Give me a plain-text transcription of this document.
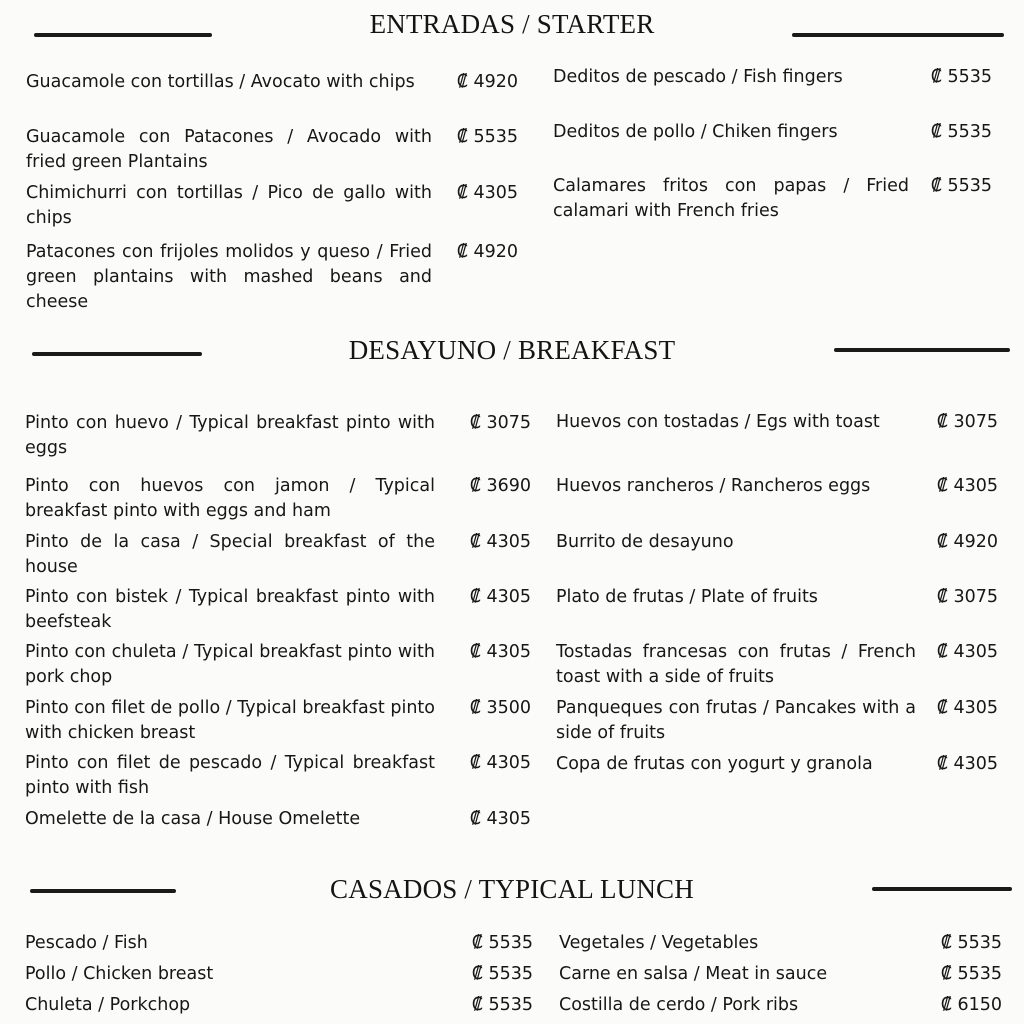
ENTRADAS / STARTER
Guacamole con tortillas / Avocato with chips	₡ 4920
Guacamole con Patacones / Avocado with fried green Plantains
₡ 5535
Chimichurri con tortillas / Pico de gallo with chips
₡ 4305
Patacones con frijoles molidos y queso / Fried green plantains with mashed beans and cheese
₡ 4920
Deditos de pescado / Fish fingers	₡ 5535
Deditos de pollo / Chiken fingers	₡ 5535
Calamares fritos con papas / Fried calamari with French fries
₡ 5535
DESAYUNO / BREAKFAST
Pinto con huevo / Typical breakfast pinto with eggs
₡ 3075
Pinto con huevos con jamon / Typical breakfast pinto with eggs and ham
₡ 3690
Pinto de la casa / Special breakfast of the house
₡ 4305
Pinto con bistek / Typical breakfast pinto with beefsteak
₡ 4305
Pinto con chuleta / Typical breakfast pinto with pork chop
₡ 4305
Pinto con filet de pollo / Typical breakfast pinto with chicken breast
₡ 3500
Pinto con filet de pescado / Typical breakfast pinto with fish
₡ 4305
Omelette de la casa / House Omelette	₡ 4305
Huevos con tostadas / Egs with toast	₡ 3075
Huevos rancheros / Rancheros eggs	₡ 4305
Burrito de desayuno	₡ 4920
Plato de frutas / Plate of fruits	₡ 3075
Tostadas francesas con frutas / French toast with a side of fruits
₡ 4305
Panqueques con frutas / Pancakes with a side of fruits
₡ 4305
Copa de frutas con yogurt y granola	₡ 4305
CASADOS / TYPICAL LUNCH
Pescado / Fish	₡ 5535
Pollo / Chicken breast	₡ 5535
Chuleta / Porkchop	₡ 5535
Vegetales / Vegetables	₡ 5535
Carne en salsa / Meat in sauce	₡ 5535
Costilla de cerdo / Pork ribs	₡ 6150
